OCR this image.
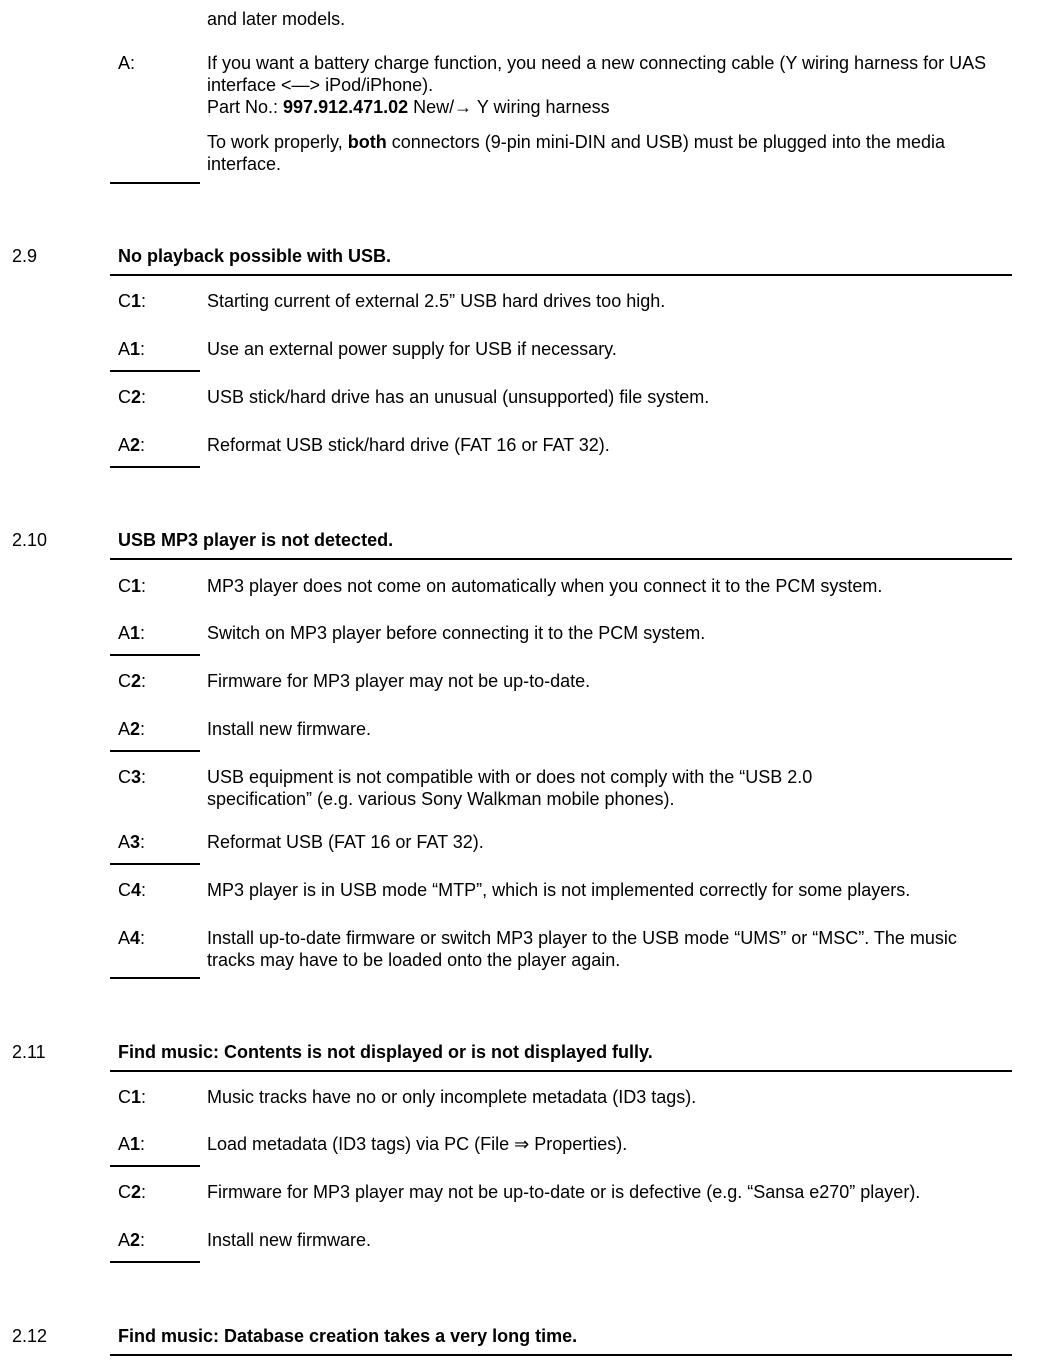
and later models.
A:	If you want a battery charge function, you need a new connecting cable (Y wiring harness for UAS interface <—> iPod/iPhone).
Part No.: 997.912.471.02 New/→ Y wiring harness
To work properly, both connectors (9-pin mini-DIN and USB) must be plugged into the media interface.
2.9	No playback possible with USB.
C1:	Starting current of external 2.5” USB hard drives too high.
A1:	Use an external power supply for USB if necessary.
C2:	USB stick/hard drive has an unusual (unsupported) file system.
A2:	Reformat USB stick/hard drive (FAT 16 or FAT 32).
2.10	USB MP3 player is not detected.
C1:	MP3 player does not come on automatically when you connect it to the PCM system.
A1:	Switch on MP3 player before connecting it to the PCM system.
C2:	Firmware for MP3 player may not be up-to-date.
A2:	Install new firmware.
C3:	USB equipment is not compatible with or does not comply with the “USB 2.0 specification” (e.g. various Sony Walkman mobile phones).
A3:	Reformat USB (FAT 16 or FAT 32).
C4:	MP3 player is in USB mode “MTP”, which is not implemented correctly for some players.
A4:	Install up-to-date firmware or switch MP3 player to the USB mode “UMS” or “MSC”. The music tracks may have to be loaded onto the player again.
2.11	Find music: Contents is not displayed or is not displayed fully.
C1:	Music tracks have no or only incomplete metadata (ID3 tags).
A1:	Load metadata (ID3 tags) via PC (File ⇒ Properties).
C2:	Firmware for MP3 player may not be up-to-date or is defective (e.g. “Sansa e270” player).
A2:	Install new firmware.
2.12	Find music: Database creation takes a very long time.
